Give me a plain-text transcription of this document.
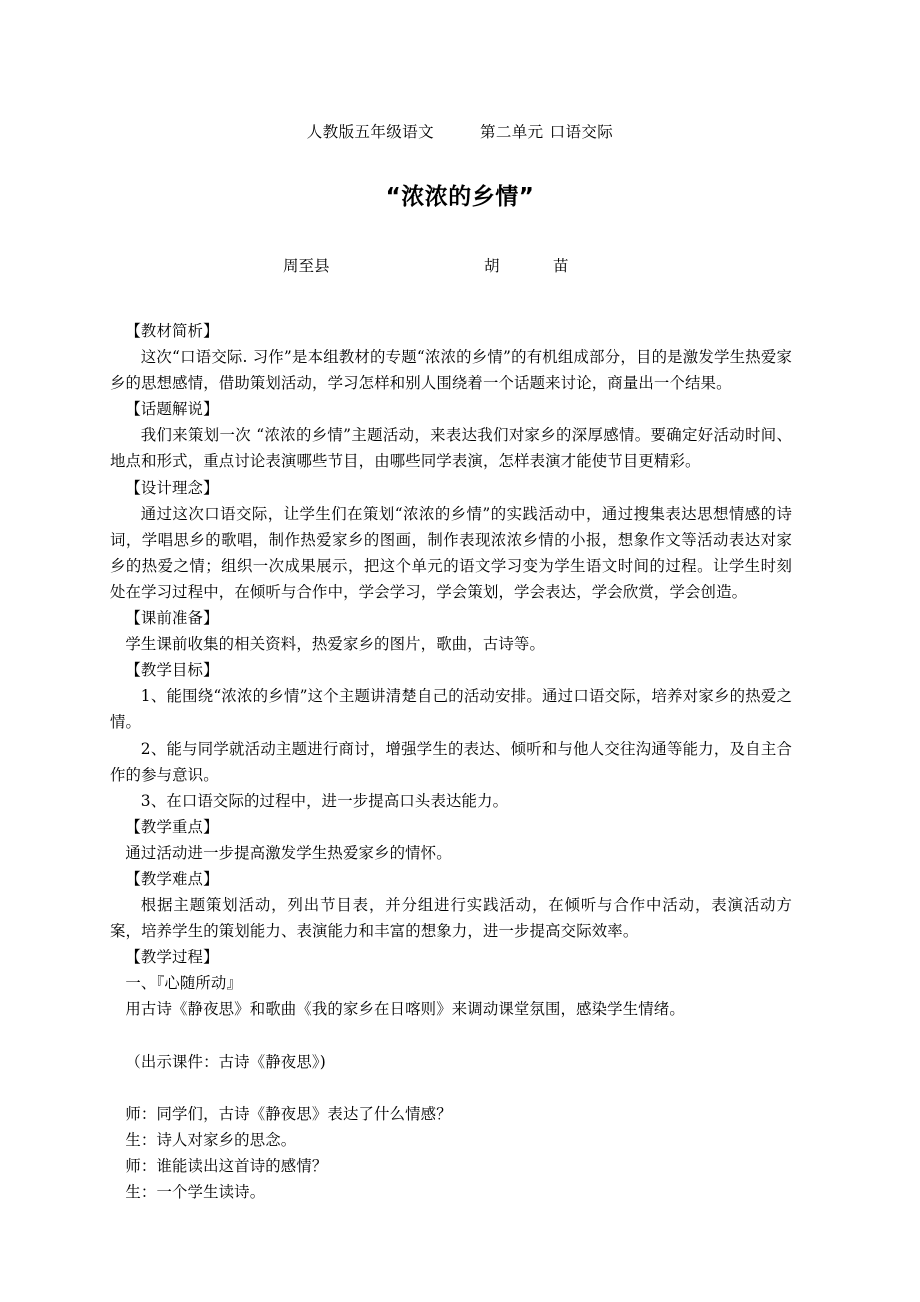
人教版五年级语文	第二单元 口语交际
“浓浓的乡情”

周至县

	胡

	苗

【教材简析】

这次“口语交际. 习作”是本组教材的专题“浓浓的乡情”的有机组成部分，目的是激发学生热爱家乡的思想感情，借助策划活动，学习怎样和别人围绕着一个话题来讨论，商量出一个结果。

【话题解说】

我们来策划一次 “浓浓的乡情”主题活动，来表达我们对家乡的深厚感情。要确定好活动时间、地点和形式，重点讨论表演哪些节目，由哪些同学表演，怎样表演才能使节目更精彩。

【设计理念】

通过这次口语交际，让学生们在策划“浓浓的乡情”的实践活动中，通过搜集表达思想情感的诗词，学唱思乡的歌唱，制作热爱家乡的图画，制作表现浓浓乡情的小报，想象作文等活动表达对家乡的热爱之情；组织一次成果展示，把这个单元的语文学习变为学生语文时间的过程。让学生时刻处在学习过程中，在倾听与合作中，学会学习，学会策划，学会表达，学会欣赏，学会创造。

【课前准备】

学生课前收集的相关资料，热爱家乡的图片，歌曲，古诗等。

【教学目标】

1、能围绕“浓浓的乡情”这个主题讲清楚自己的活动安排。通过口语交际，培养对家乡的热爱之情。

2、能与同学就活动主题进行商讨，增强学生的表达、倾听和与他人交往沟通等能力，及自主合作的参与意识。

3、在口语交际的过程中，进一步提高口头表达能力。

【教学重点】

通过活动进一步提高激发学生热爱家乡的情怀。

【教学难点】

根据主题策划活动，列出节目表，并分组进行实践活动，在倾听与合作中活动，表演活动方案，培养学生的策划能力、表演能力和丰富的想象力，进一步提高交际效率。

【教学过程】

一、『心随所动』

用古诗《静夜思》和歌曲《我的家乡在日喀则》来调动课堂氛围，感染学生情绪。

（出示课件：古诗《静夜思》)

师：同学们，古诗《静夜思》表达了什么情感？

生：诗人对家乡的思念。

师：谁能读出这首诗的感情？

生：一个学生读诗。
